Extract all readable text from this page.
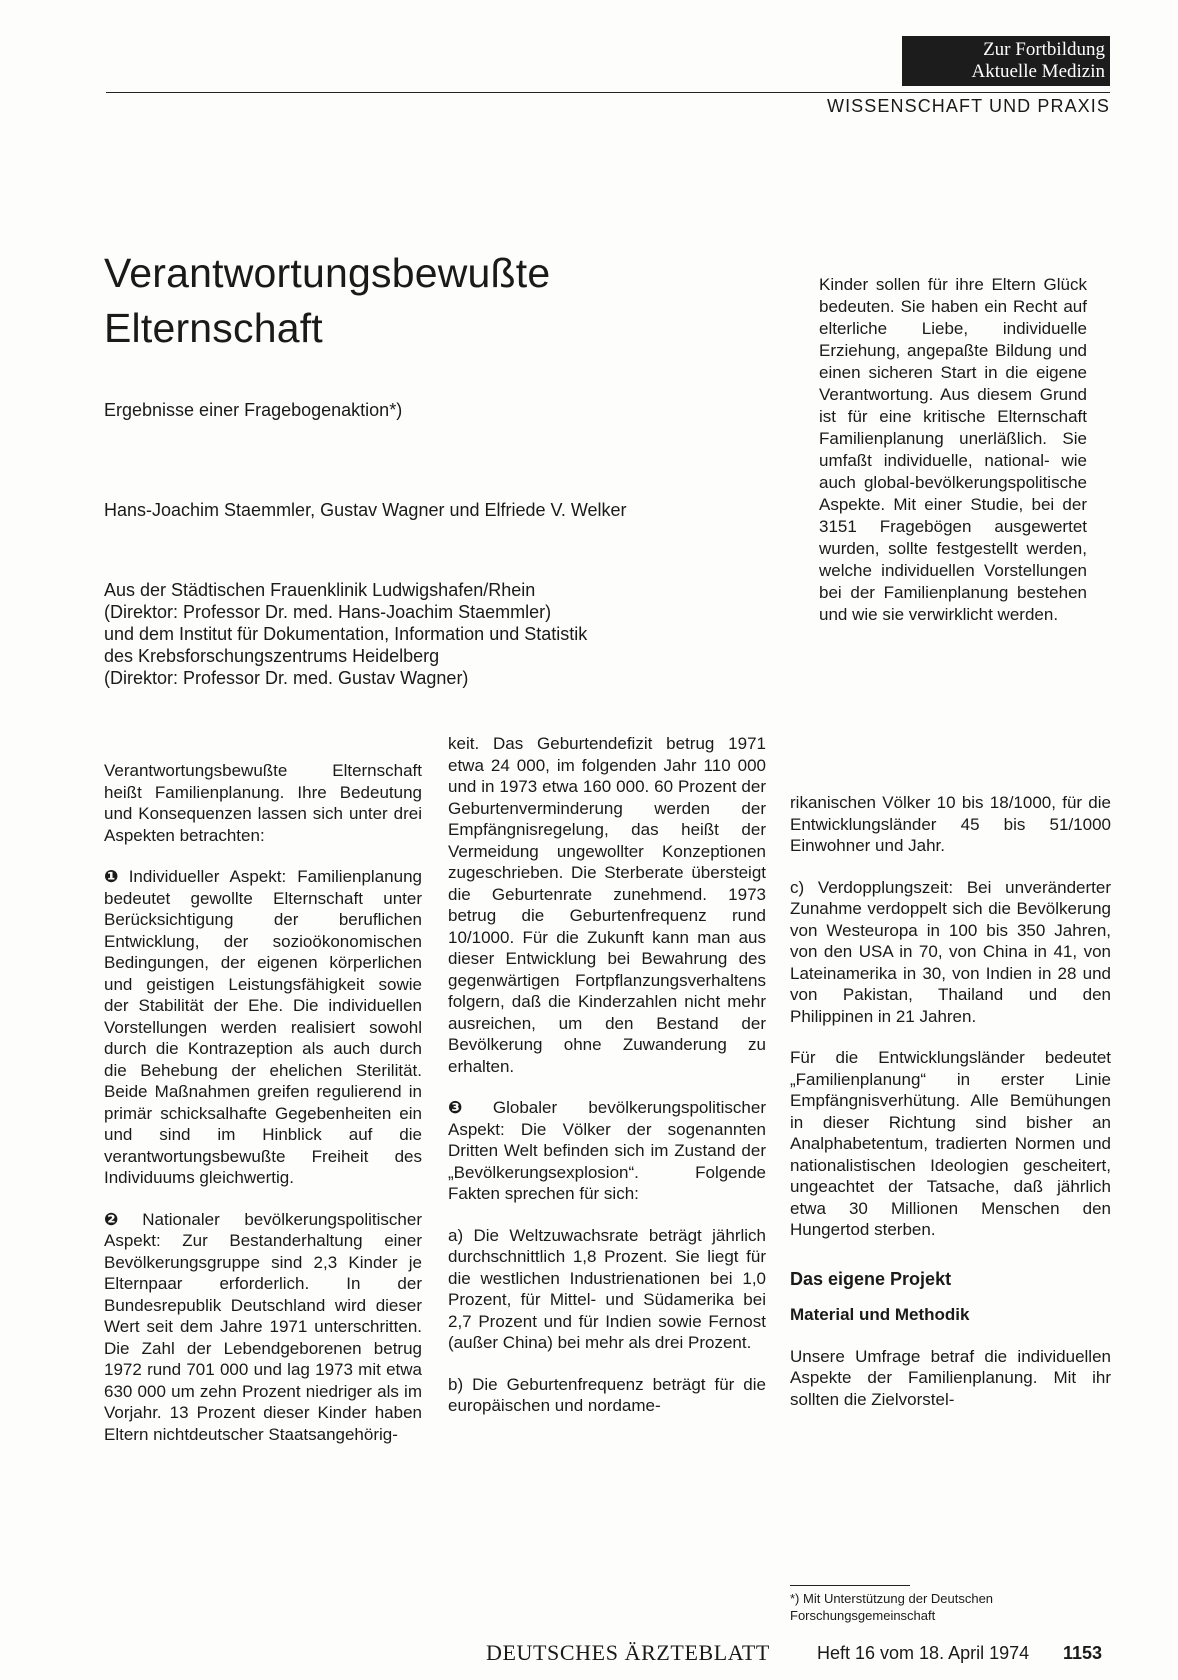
Zur Fortbildung
Aktuelle Medizin
WISSENSCHAFT UND PRAXIS
Verantwortungsbewußte
Elternschaft
Ergebnisse einer Fragebogenaktion*)
Hans-Joachim Staemmler, Gustav Wagner und Elfriede V. Welker
Aus der Städtischen Frauenklinik Ludwigshafen/Rhein
(Direktor: Professor Dr. med. Hans-Joachim Staemmler)
und dem Institut für Dokumentation, Information und Statistik
des Krebsforschungszentrums Heidelberg
(Direktor: Professor Dr. med. Gustav Wagner)
Kinder sollen für ihre Eltern Glück bedeuten. Sie haben ein Recht auf elterliche Liebe, individuelle Erziehung, angepaßte Bildung und einen sicheren Start in die eigene Verantwortung. Aus diesem Grund ist für eine kritische Elternschaft Familienplanung unerläßlich. Sie umfaßt individuelle, national- wie auch global-bevölkerungspolitische Aspekte. Mit einer Studie, bei der 3151 Fragebögen ausgewertet wurden, sollte festgestellt werden, welche individuellen Vorstellungen bei der Familienplanung bestehen und wie sie verwirklicht werden.

Verantwortungsbewußte Elternschaft heißt Familienplanung. Ihre Bedeutung und Konsequenzen lassen sich unter drei Aspekten betrachten:

❶ Individueller Aspekt: Familienplanung bedeutet gewollte Elternschaft unter Berücksichtigung der beruflichen Entwicklung, der sozioökonomischen Bedingungen, der eigenen körperlichen und geistigen Leistungsfähigkeit sowie der Stabilität der Ehe. Die individuellen Vorstellungen werden realisiert sowohl durch die Kontrazeption als auch durch die Behebung der ehelichen Sterilität. Beide Maßnahmen greifen regulierend in primär schicksalhafte Gegebenheiten ein und sind im Hinblick auf die verantwortungsbewußte Freiheit des Individuums gleichwertig.

❷ Nationaler bevölkerungspolitischer Aspekt: Zur Bestanderhaltung einer Bevölkerungsgruppe sind 2,3 Kinder je Elternpaar erforderlich. In der Bundesrepublik Deutschland wird dieser Wert seit dem Jahre 1971 unterschritten. Die Zahl der Lebendgeborenen betrug 1972 rund 701 000 und lag 1973 mit etwa 630 000 um zehn Prozent niedriger als im Vorjahr. 13 Prozent dieser Kinder haben Eltern nichtdeutscher Staatsangehörig-

keit. Das Geburtendefizit betrug 1971 etwa 24 000, im folgenden Jahr 110 000 und in 1973 etwa 160 000. 60 Prozent der Geburtenverminderung werden der Empfängnisregelung, das heißt der Vermeidung ungewollter Konzeptionen zugeschrieben. Die Sterberate übersteigt die Geburtenrate zunehmend. 1973 betrug die Geburtenfrequenz rund 10/1000. Für die Zukunft kann man aus dieser Entwicklung bei Bewahrung des gegenwärtigen Fortpflanzungsverhaltens folgern, daß die Kinderzahlen nicht mehr ausreichen, um den Bestand der Bevölkerung ohne Zuwanderung zu erhalten.

❸ Globaler bevölkerungspolitischer Aspekt: Die Völker der sogenannten Dritten Welt befinden sich im Zustand der „Bevölkerungsexplosion“. Folgende Fakten sprechen für sich:

a) Die Weltzuwachsrate beträgt jährlich durchschnittlich 1,8 Prozent. Sie liegt für die westlichen Industrienationen bei 1,0 Prozent, für Mittel- und Südamerika bei 2,7 Prozent und für Indien sowie Fernost (außer China) bei mehr als drei Prozent.

b) Die Geburtenfrequenz beträgt für die europäischen und nordame-

rikanischen Völker 10 bis 18/1000, für die Entwicklungsländer 45 bis 51/1000 Einwohner und Jahr.

c) Verdopplungszeit: Bei unveränderter Zunahme verdoppelt sich die Bevölkerung von Westeuropa in 100 bis 350 Jahren, von den USA in 70, von China in 41, von Lateinamerika in 30, von Indien in 28 und von Pakistan, Thailand und den Philippinen in 21 Jahren.

Für die Entwicklungsländer bedeutet „Familienplanung“ in erster Linie Empfängnisverhütung. Alle Bemühungen in dieser Richtung sind bisher an Analphabetentum, tradierten Normen und nationalistischen Ideologien gescheitert, ungeachtet der Tatsache, daß jährlich etwa 30 Millionen Menschen den Hungertod sterben.

Das eigene Projekt
Material und Methodik

Unsere Umfrage betraf die individuellen Aspekte der Familienplanung. Mit ihr sollten die Zielvorstel-

*) Mit Unterstützung der Deutschen Forschungsgemeinschaft
DEUTSCHES ÄRZTEBLATT	Heft 16 vom 18. April 1974 1153
